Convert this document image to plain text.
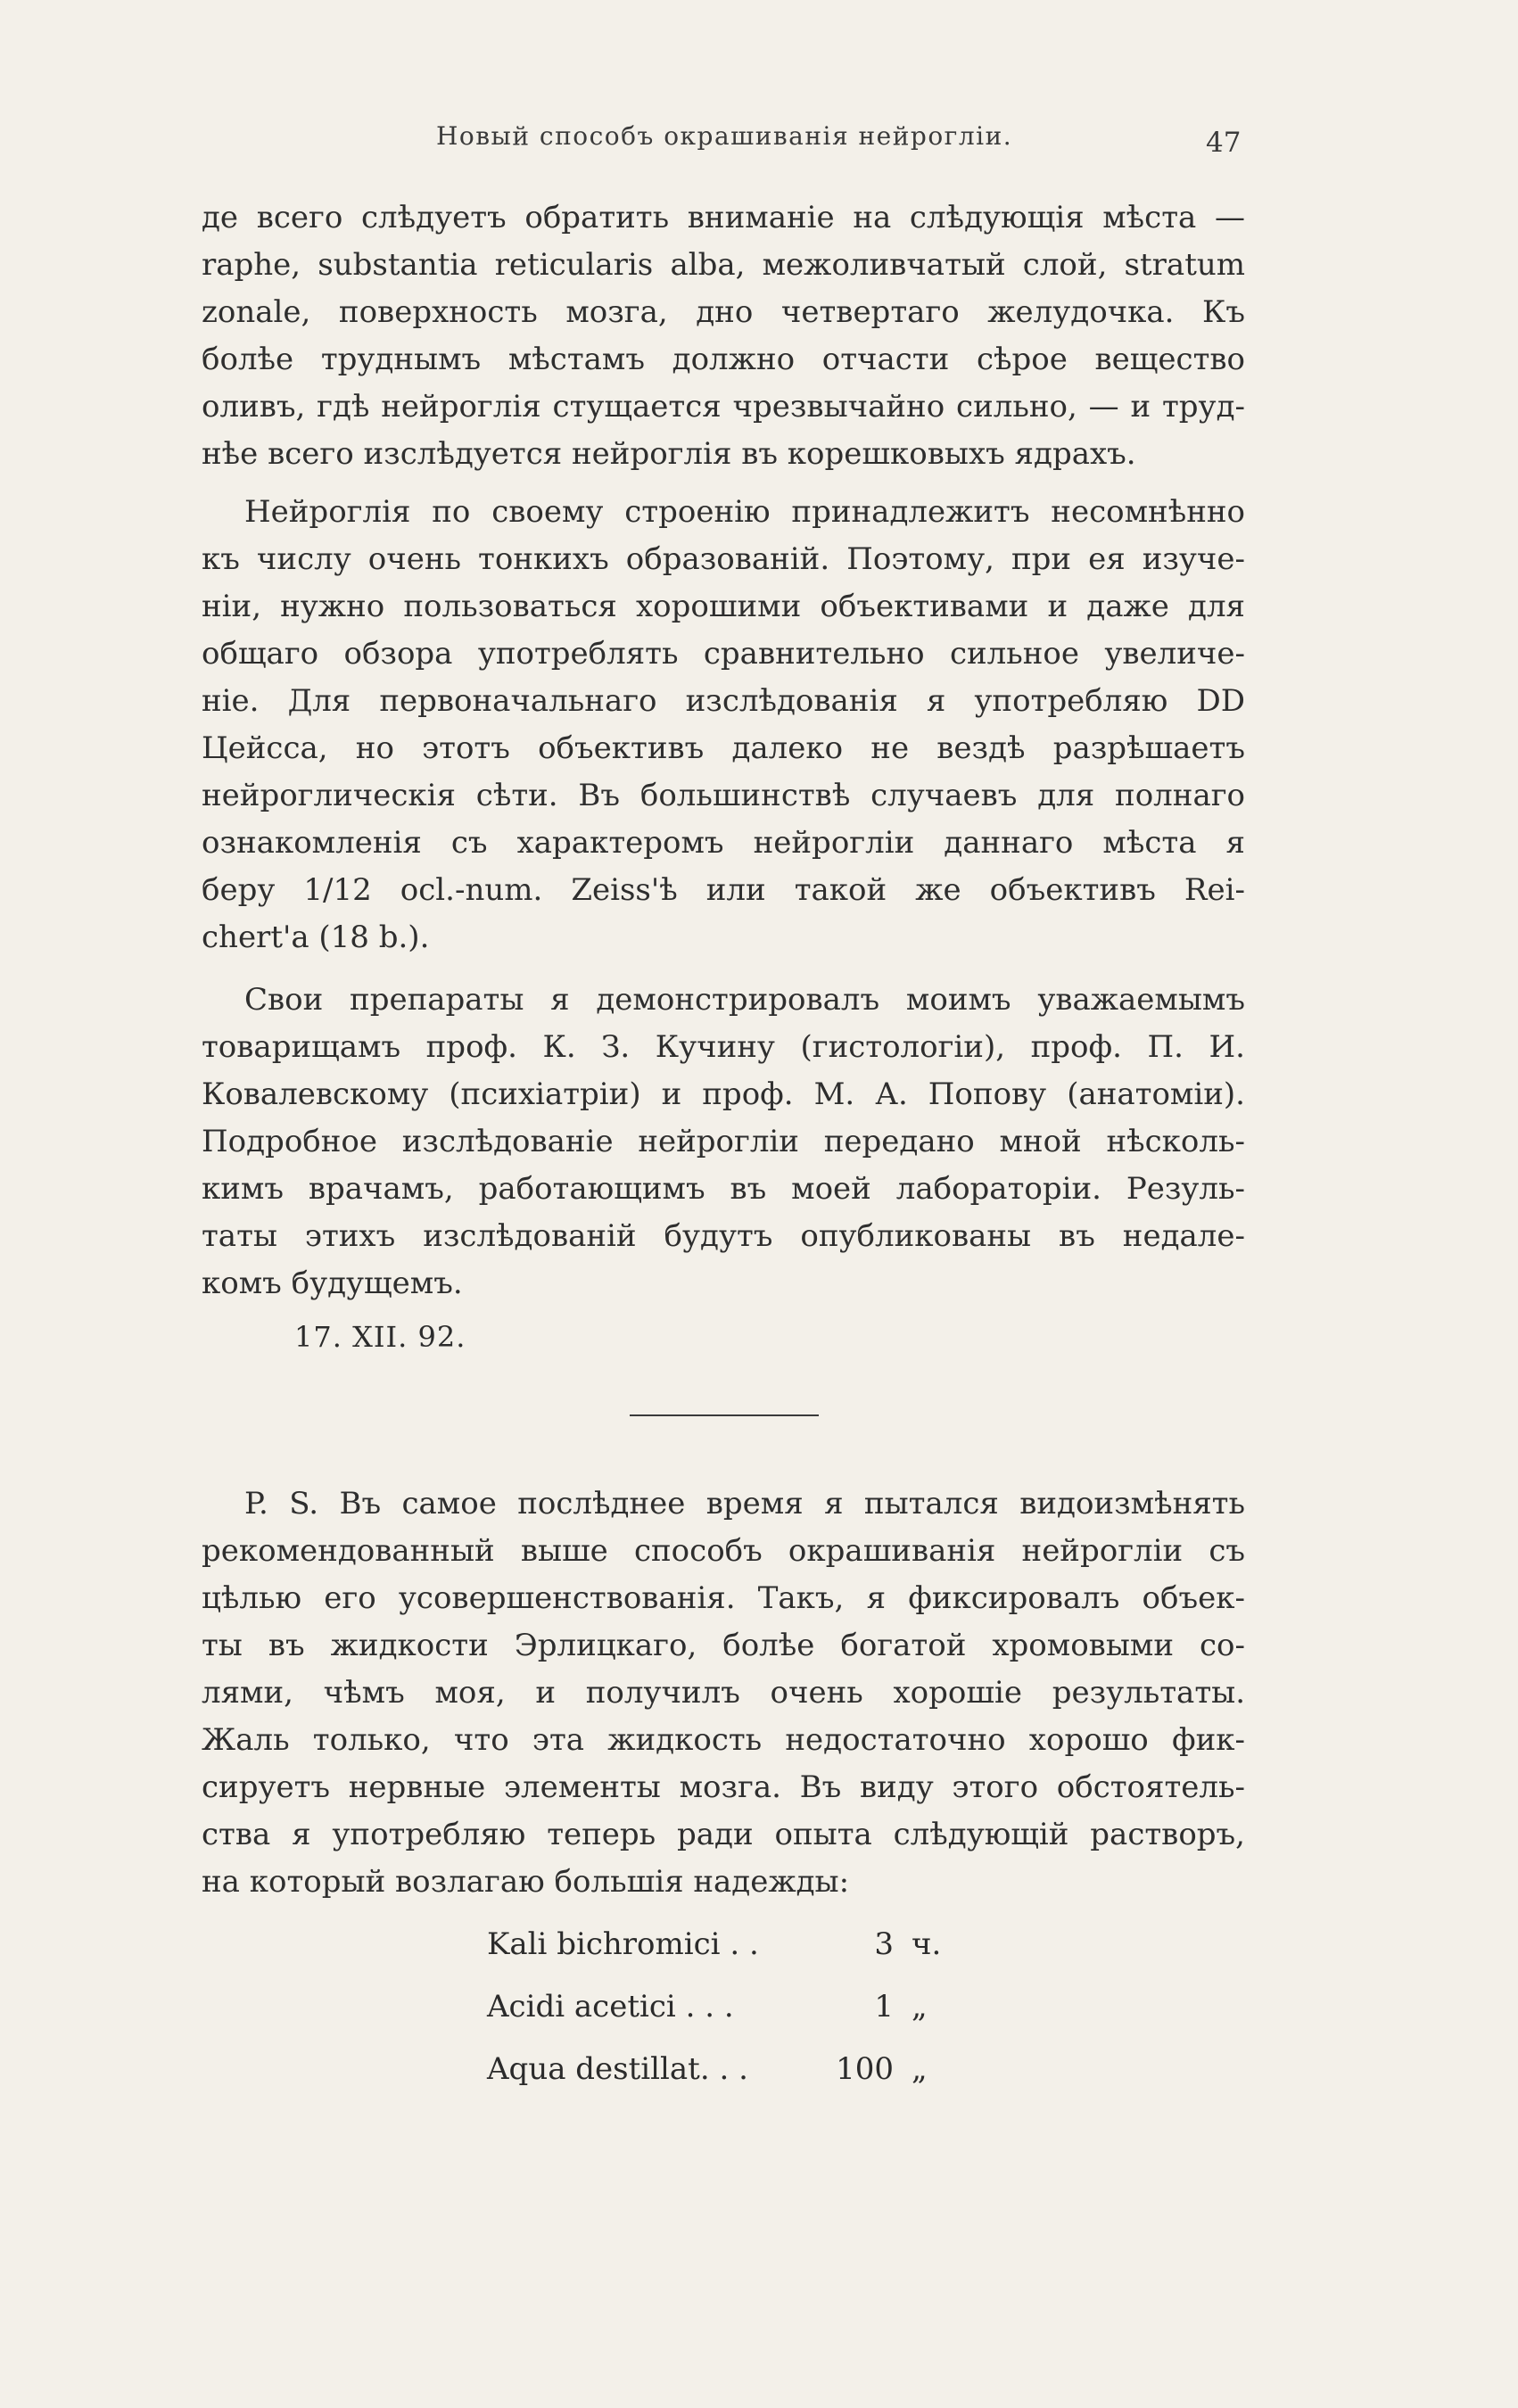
Новый способъ окрашиванія нейрогліи.	47
де всего слѣдуетъ обратить вниманіе на слѣдующія мѣста —
raphe, substantia reticularis alba, межоливчатый слой, stratum
zonale, поверхность мозга, дно четвертаго желудочка. Къ
болѣе труднымъ мѣстамъ должно отчасти сѣрое вещество
оливъ, гдѣ нейроглія стущается чрезвычайно сильно, — и труд-
нѣе всего изслѣдуется нейроглія въ корешковыхъ ядрахъ.
Нейроглія по своему строенію принадлежитъ несомнѣнно
къ числу очень тонкихъ образованій. Поэтому, при ея изуче-
ніи, нужно пользоваться хорошими объективами и даже для
общаго обзора употреблять сравнительно сильное увеличе-
ніе. Для первоначальнаго изслѣдованія я употребляю DD
Цейсса, но этотъ объективъ далеко не вездѣ разрѣшаетъ
нейроглическія сѣти. Въ большинствѣ случаевъ для полнаго
ознакомленія съ характеромъ нейрогліи даннаго мѣста я
беру 1/12 ocl.-num. Zeiss'ѣ или такой же объективъ Rei-
chert'a (18 b.).
Свои препараты я демонстрировалъ моимъ уважаемымъ
товарищамъ проф. К. З. Кучину (гистологіи), проф. П. И.
Ковалевскому (психіатріи) и проф. М. А. Попову (анатоміи).
Подробное изслѣдованіе нейрогліи передано мной нѣсколь-
кимъ врачамъ, работающимъ въ моей лабораторіи. Резуль-
таты этихъ изслѣдованій будутъ опубликованы въ недале-
комъ будущемъ.
17. XII. 92.
P. S. Въ самое послѣднее время я пытался видоизмѣнять
рекомендованный выше способъ окрашиванія нейрогліи съ
цѣлью его усовершенствованія. Такъ, я фиксировалъ объек-
ты въ жидкости Эрлицкаго, болѣе богатой хромовыми со-
лями, чѣмъ моя, и получилъ очень хорошіе результаты.
Жаль только, что эта жидкость недостаточно хорошо фик-
сируетъ нервные элементы мозга. Въ виду этого обстоятель-
ства я употребляю теперь ради опыта слѣдующій растворъ,
на который возлагаю большія надежды:
Kali bichromici . .	3 ч.
Acidi acetici . . .	1 „
Aqua destillat. . .	100 „
